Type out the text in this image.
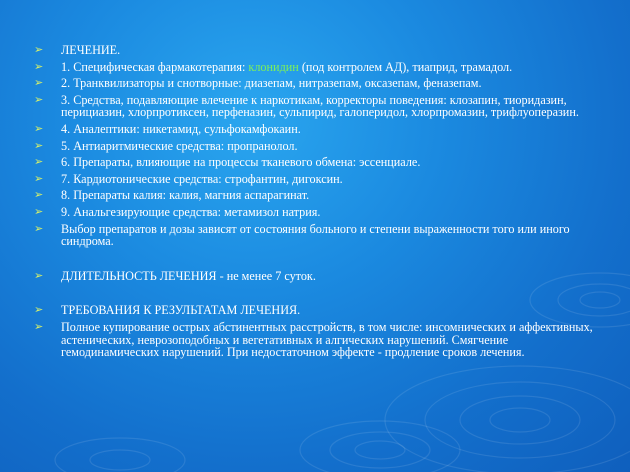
➢ ЛЕЧЕНИЕ.
➢ 1. Специфическая фармакотерапия: клонидин (под контролем АД), тиаприд, трамадол.
➢ 2. Транквилизаторы и снотворные: диазепам, нитразепам, оксазепам, феназепам.
➢ 3. Средства, подавляющие влечение к наркотикам, корректоры поведения: клозапин, тиоридазин, перициазин, хлорпротиксен, перфеназин, сульпирид, галоперидол, хлорпромазин, трифлуоперазин.
➢ 4. Аналептики: никетамид, сульфокамфокаин.
➢ 5. Антиаритмические средства: пропранолол.
➢ 6. Препараты, влияющие на процессы тканевого обмена: эссенциале.
➢ 7. Кардиотонические средства: строфантин, дигоксин.
➢ 8. Препараты калия: калия, магния аспарагинат.
➢ 9. Анальгезирующие средства: метамизол натрия.
➢ Выбор препаратов и дозы зависят от состояния больного и степени выраженности того или иного синдрома.
➢ ДЛИТЕЛЬНОСТЬ ЛЕЧЕНИЯ - не менее 7 суток.
➢ ТРЕБОВАНИЯ К РЕЗУЛЬТАТАМ ЛЕЧЕНИЯ.
➢ Полное купирование острых абстинентных расстройств, в том числе: инсомнических и аффективных, астенических, неврозоподобных и вегетативных и алгических нарушений. Смягчение гемодинамических нарушений. При недостаточном эффекте - продление сроков лечения.
